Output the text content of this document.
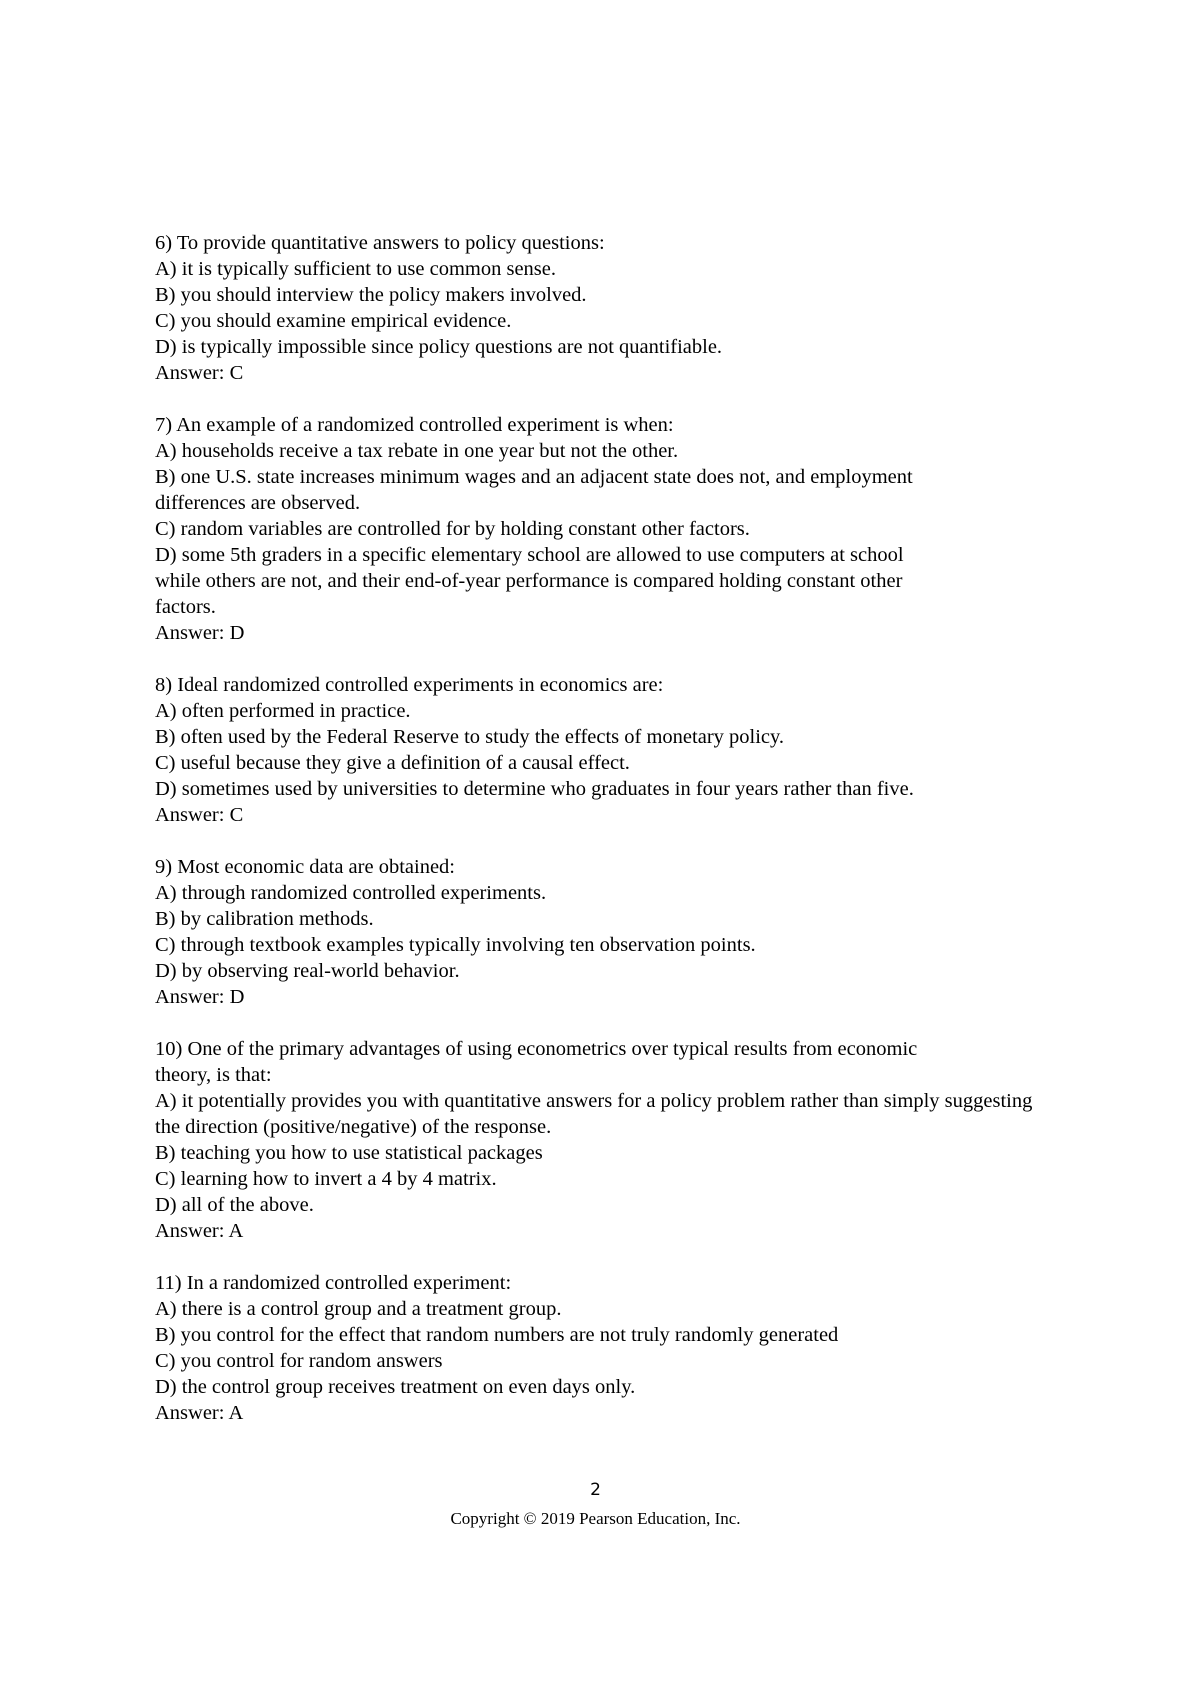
6) To provide quantitative answers to policy questions:
A) it is typically sufficient to use common sense.
B) you should interview the policy makers involved.
C) you should examine empirical evidence.
D) is typically impossible since policy questions are not quantifiable.
Answer: C
7) An example of a randomized controlled experiment is when:
A) households receive a tax rebate in one year but not the other.
B) one U.S. state increases minimum wages and an adjacent state does not, and employment differences are observed.
C) random variables are controlled for by holding constant other factors.
D) some 5th graders in a specific elementary school are allowed to use computers at school while others are not, and their end-of-year performance is compared holding constant other factors.
Answer: D
8) Ideal randomized controlled experiments in economics are:
A) often performed in practice.
B) often used by the Federal Reserve to study the effects of monetary policy.
C) useful because they give a definition of a causal effect.
D) sometimes used by universities to determine who graduates in four years rather than five.
Answer: C
9) Most economic data are obtained:
A) through randomized controlled experiments.
B) by calibration methods.
C) through textbook examples typically involving ten observation points.
D) by observing real-world behavior.
Answer: D
10) One of the primary advantages of using econometrics over typical results from economic theory, is that:
A) it potentially provides you with quantitative answers for a policy problem rather than simply suggesting the direction (positive/negative) of the response.
B) teaching you how to use statistical packages
C) learning how to invert a 4 by 4 matrix.
D) all of the above.
Answer: A
11) In a randomized controlled experiment:
A) there is a control group and a treatment group.
B) you control for the effect that random numbers are not truly randomly generated
C) you control for random answers
D) the control group receives treatment on even days only.
Answer: A
2
Copyright © 2019 Pearson Education, Inc.
